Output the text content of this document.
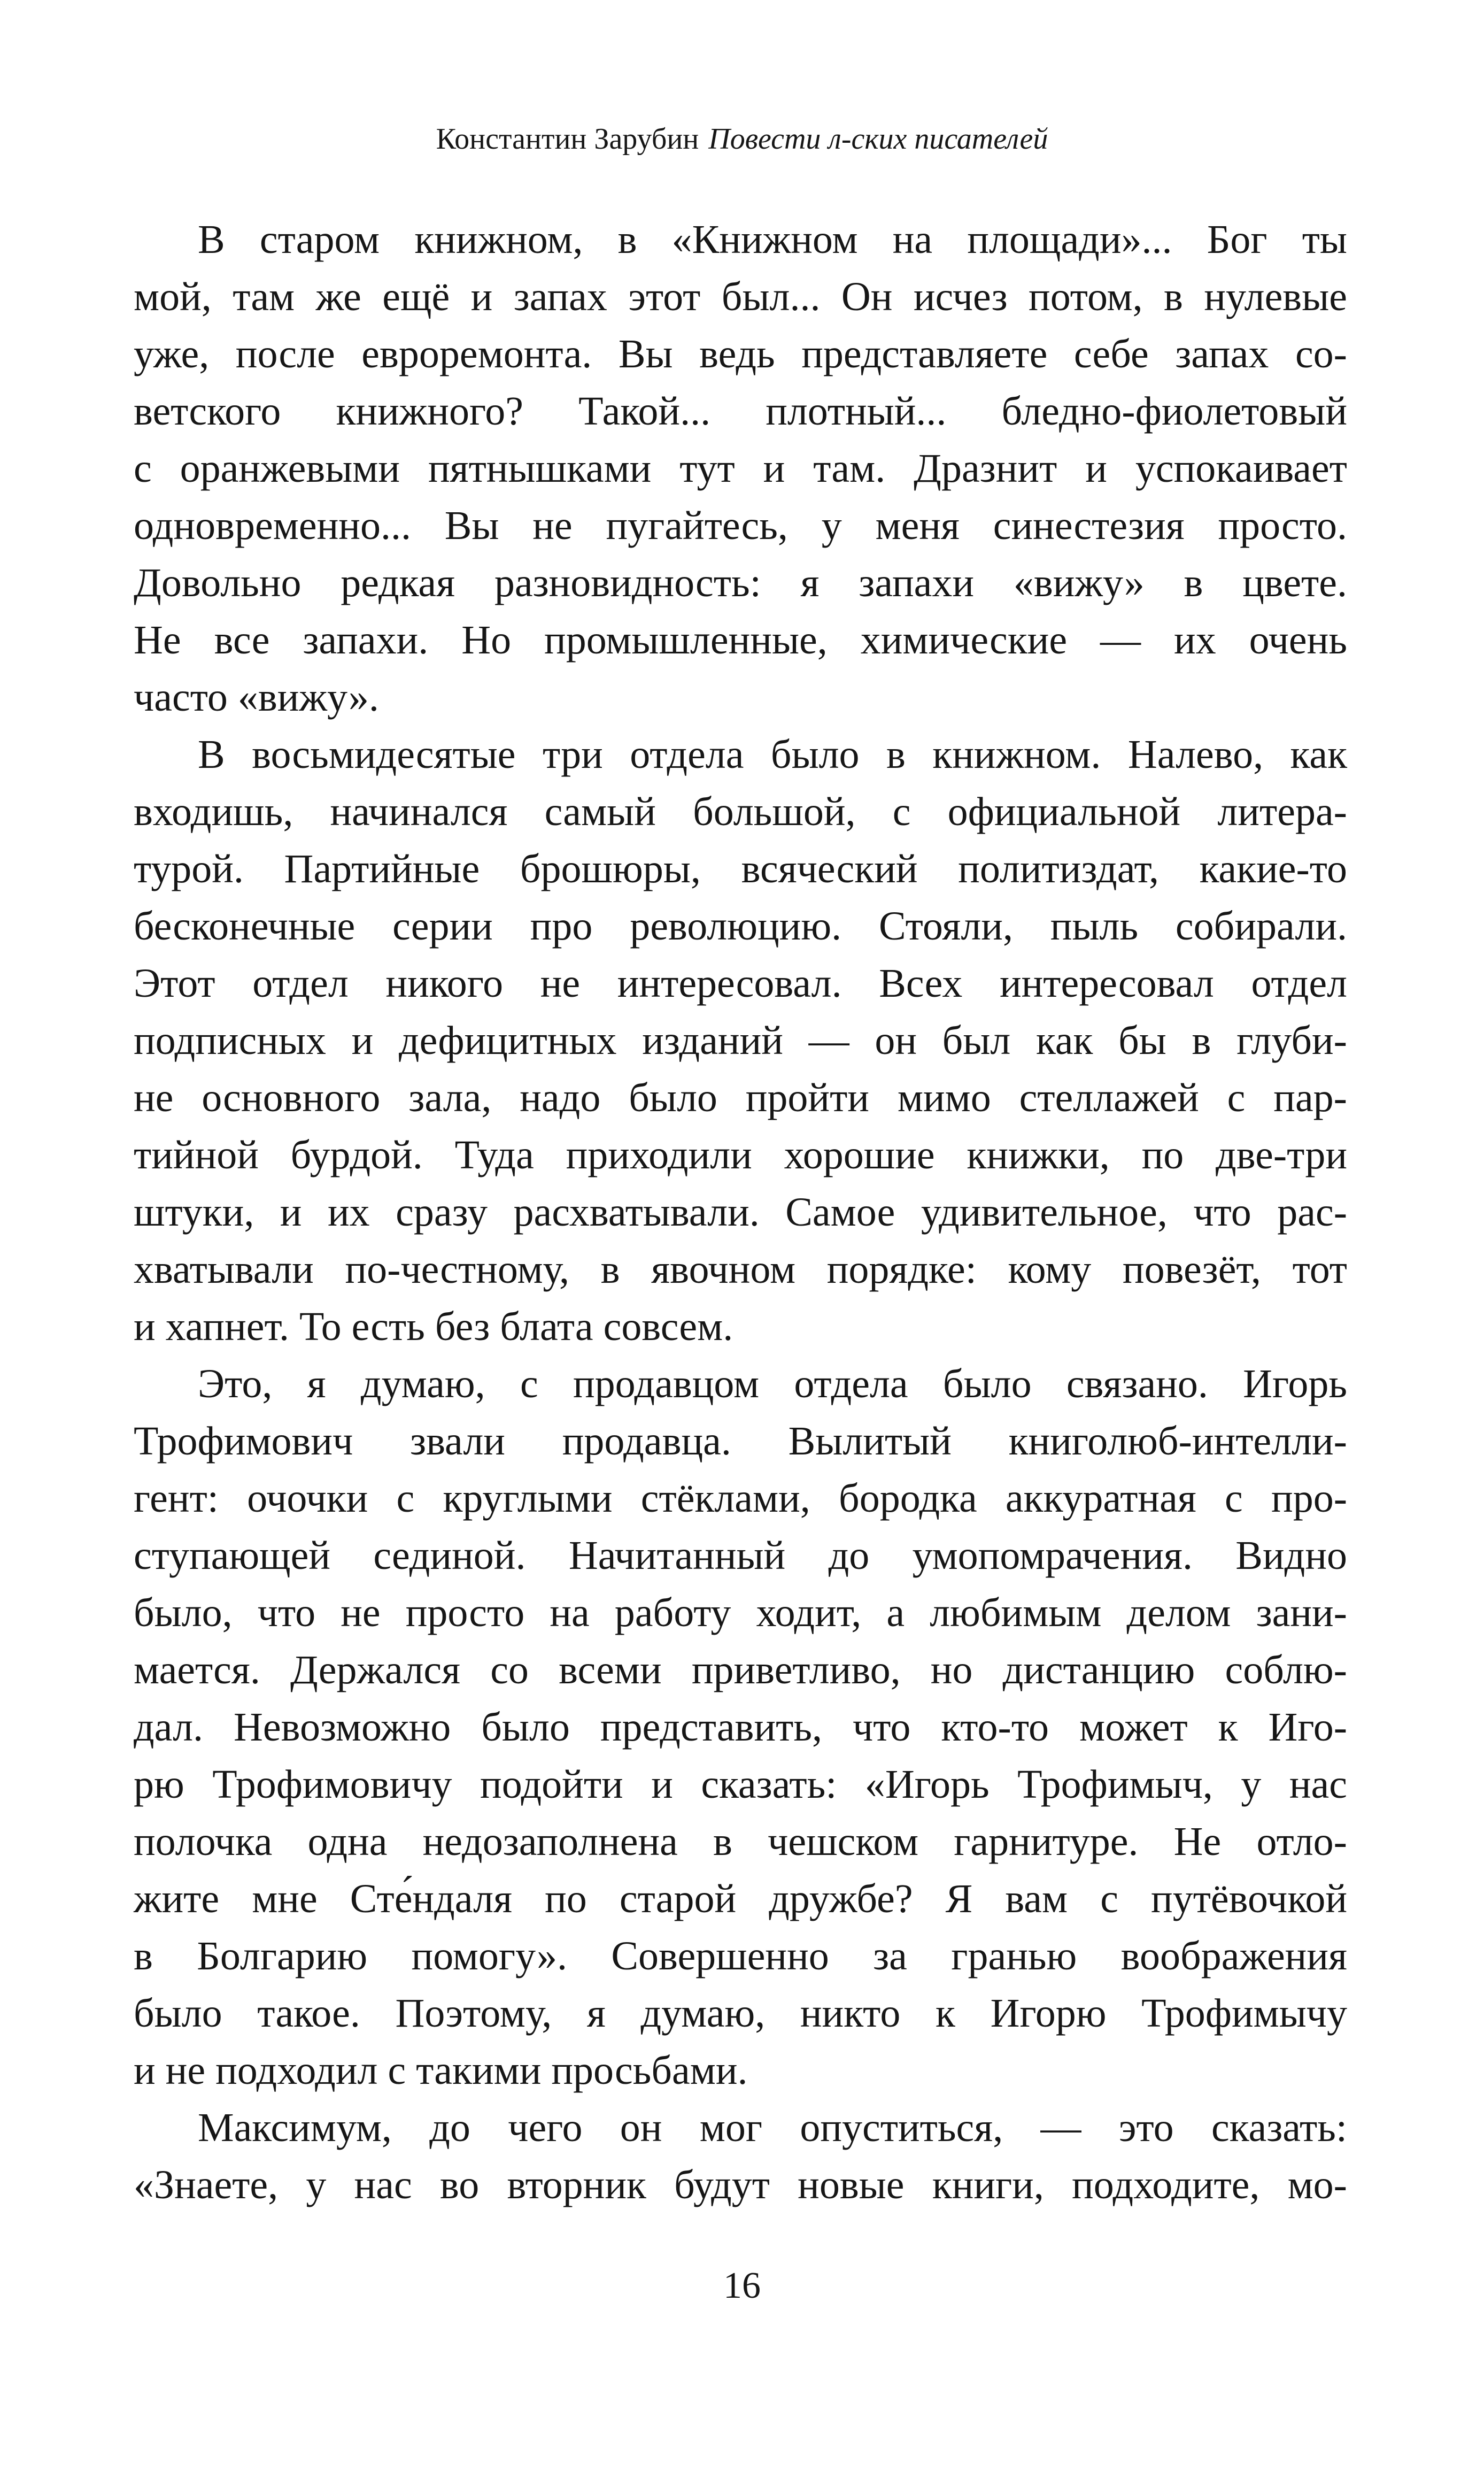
Константин Зарубин Повести л-ских писателей
В старом книжном, в «Книжном на площади»... Бог ты
мой, там же ещё и запах этот был... Он исчез потом, в нулевые
уже, после евроремонта. Вы ведь представляете себе запах со-
ветского книжного? Такой... плотный... бледно-фиолетовый
с оранжевыми пятнышками тут и там. Дразнит и успокаивает
одновременно... Вы не пугайтесь, у меня синестезия просто.
Довольно редкая разновидность: я запахи «вижу» в цвете.
Не все запахи. Но промышленные, химические — их очень
часто «вижу».
В восьмидесятые три отдела было в книжном. Налево, как
входишь, начинался самый большой, с официальной литера-
турой. Партийные брошюры, всяческий политиздат, какие-то
бесконечные серии про революцию. Стояли, пыль собирали.
Этот отдел никого не интересовал. Всех интересовал отдел
подписных и дефицитных изданий — он был как бы в глуби-
не основного зала, надо было пройти мимо стеллажей с пар-
тийной бурдой. Туда приходили хорошие книжки, по две-три
штуки, и их сразу расхватывали. Самое удивительное, что рас-
хватывали по-честному, в явочном порядке: кому повезёт, тот
и хапнет. То есть без блата совсем.
Это, я думаю, с продавцом отдела было связано. Игорь
Трофимович звали продавца. Вылитый книголюб-интелли-
гент: очочки с круглыми стёклами, бородка аккуратная с про-
ступающей сединой. Начитанный до умопомрачения. Видно
было, что не просто на работу ходит, а любимым делом зани-
мается. Держался со всеми приветливо, но дистанцию соблю-
дал. Невозможно было представить, что кто-то может к Иго-
рю Трофимовичу подойти и сказать: «Игорь Трофимыч, у нас
полочка одна недозаполнена в чешском гарнитуре. Не отло-
жите мне Сте́ндаля по старой дружбе? Я вам с путёвочкой
в Болгарию помогу». Совершенно за гранью воображения
было такое. Поэтому, я думаю, никто к Игорю Трофимычу
и не подходил с такими просьбами.
Максимум, до чего он мог опуститься, — это сказать:
«Знаете, у нас во вторник будут новые книги, подходите, мо-
16
